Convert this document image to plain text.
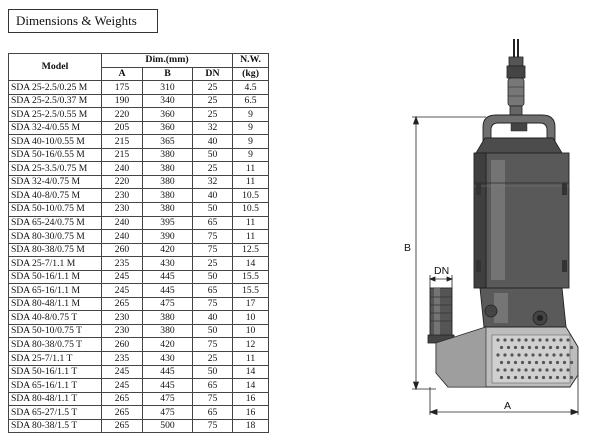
Dimensions & Weights
Model	Dim.(mm)			N.W.
	A	B	DN	(kg)
SDA 25-2.5/0.25 M	175	310	25	4.5
SDA 25-2.5/0.37 M	190	340	25	6.5
SDA 25-2.5/0.55 M	220	360	25	9
SDA 32-4/0.55 M	205	360	32	9
SDA 40-10/0.55 M	215	365	40	9
SDA 50-16/0.55 M	215	380	50	9
SDA 25-3.5/0.75 M	240	380	25	11
SDA 32-4/0.75 M	220	380	32	11
SDA 40-8/0.75 M	230	380	40	10.5
SDA 50-10/0.75 M	230	380	50	10.5
SDA 65-24/0.75 M	240	395	65	11
SDA 80-30/0.75 M	240	390	75	11
SDA 80-38/0.75 M	260	420	75	12.5
SDA 25-7/1.1 M	235	430	25	14
SDA 50-16/1.1 M	245	445	50	15.5
SDA 65-16/1.1 M	245	445	65	15.5
SDA 80-48/1.1 M	265	475	75	17
SDA 40-8/0.75 T	230	380	40	10
SDA 50-10/0.75 T	230	380	50	10
SDA 80-38/0.75 T	260	420	75	12
SDA 25-7/1.1 T	235	430	25	11
SDA 50-16/1.1 T	245	445	50	14
SDA 65-16/1.1 T	245	445	65	14
SDA 80-48/1.1 T	265	475	75	16
SDA 65-27/1.5 T	265	475	65	16
SDA 80-38/1.5 T	265	500	75	18
B
DN
A
